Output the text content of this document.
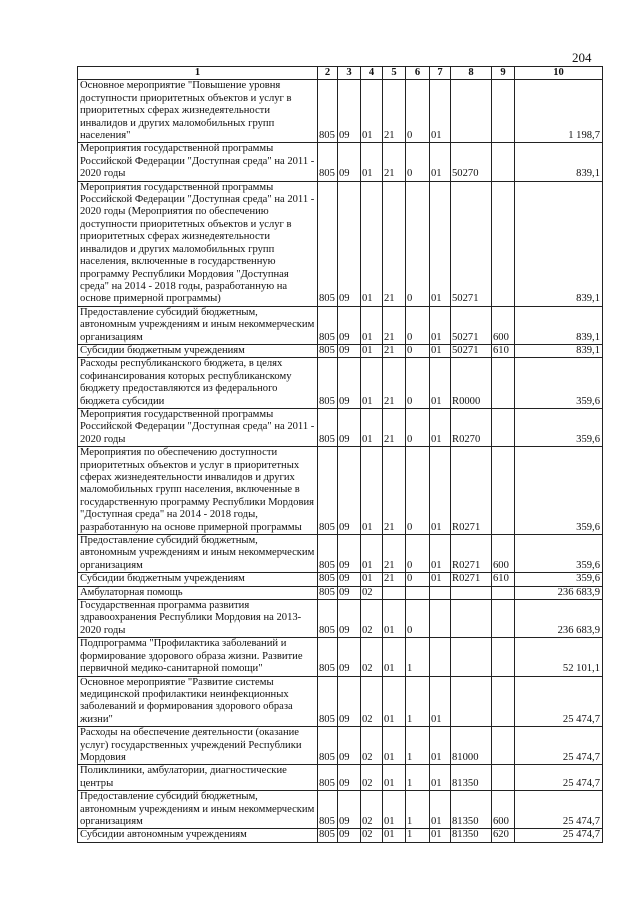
204
1	2	3	4	5	6	7	8	9	10
Основное мероприятие "Повышение уровня доступности приоритетных объектов и услуг в приоритетных сферах жизнедеятельности инвалидов и других маломобильных групп населения"	805	09	01	21	0	01			1 198,7
Мероприятия государственной программы Российской Федерации "Доступная среда" на 2011 - 2020 годы	805	09	01	21	0	01	50270		839,1
Мероприятия государственной программы Российской Федерации "Доступная среда" на 2011 - 2020 годы (Мероприятия по обеспечению доступности приоритетных объектов и услуг в приоритетных сферах жизнедеятельности инвалидов и других маломобильных групп населения, включенные в государственную программу Республики Мордовия "Доступная среда" на 2014 - 2018 годы, разработанную на основе примерной программы)	805	09	01	21	0	01	50271		839,1
Предоставление субсидий бюджетным, автономным учреждениям и иным некоммерческим организациям	805	09	01	21	0	01	50271	600	839,1
Субсидии бюджетным учреждениям	805	09	01	21	0	01	50271	610	839,1
Расходы республиканского бюджета, в целях софинансирования которых республиканскому бюджету предоставляются из федерального бюджета субсидии	805	09	01	21	0	01	R0000		359,6
Мероприятия государственной программы Российской Федерации "Доступная среда" на 2011 - 2020 годы	805	09	01	21	0	01	R0270		359,6
Мероприятия по обеспечению доступности приоритетных объектов и услуг в приоритетных сферах жизнедеятельности инвалидов и других маломобильных групп населения, включенные в государственную программу Республики Мордовия "Доступная среда" на 2014 - 2018 годы, разработанную на основе примерной программы	805	09	01	21	0	01	R0271		359,6
Предоставление субсидий бюджетным, автономным учреждениям и иным некоммерческим организациям	805	09	01	21	0	01	R0271	600	359,6
Субсидии бюджетным учреждениям	805	09	01	21	0	01	R0271	610	359,6
Амбулаторная помощь	805	09	02						236 683,9
Государственная программа развития здравоохранения Республики Мордовия на 2013-2020 годы	805	09	02	01	0				236 683,9
Подпрограмма "Профилактика заболеваний и формирование здорового образа жизни. Развитие первичной медико-санитарной помощи"	805	09	02	01	1				52 101,1
Основное мероприятие "Развитие системы медицинской профилактики неинфекционных заболеваний и формирования здорового образа жизни"	805	09	02	01	1	01			25 474,7
Расходы на обеспечение деятельности (оказание услуг) государственных учреждений Республики Мордовия	805	09	02	01	1	01	81000		25 474,7
Поликлиники, амбулатории, диагностические центры	805	09	02	01	1	01	81350		25 474,7
Предоставление субсидий бюджетным, автономным учреждениям и иным некоммерческим организациям	805	09	02	01	1	01	81350	600	25 474,7
Субсидии автономным учреждениям	805	09	02	01	1	01	81350	620	25 474,7
